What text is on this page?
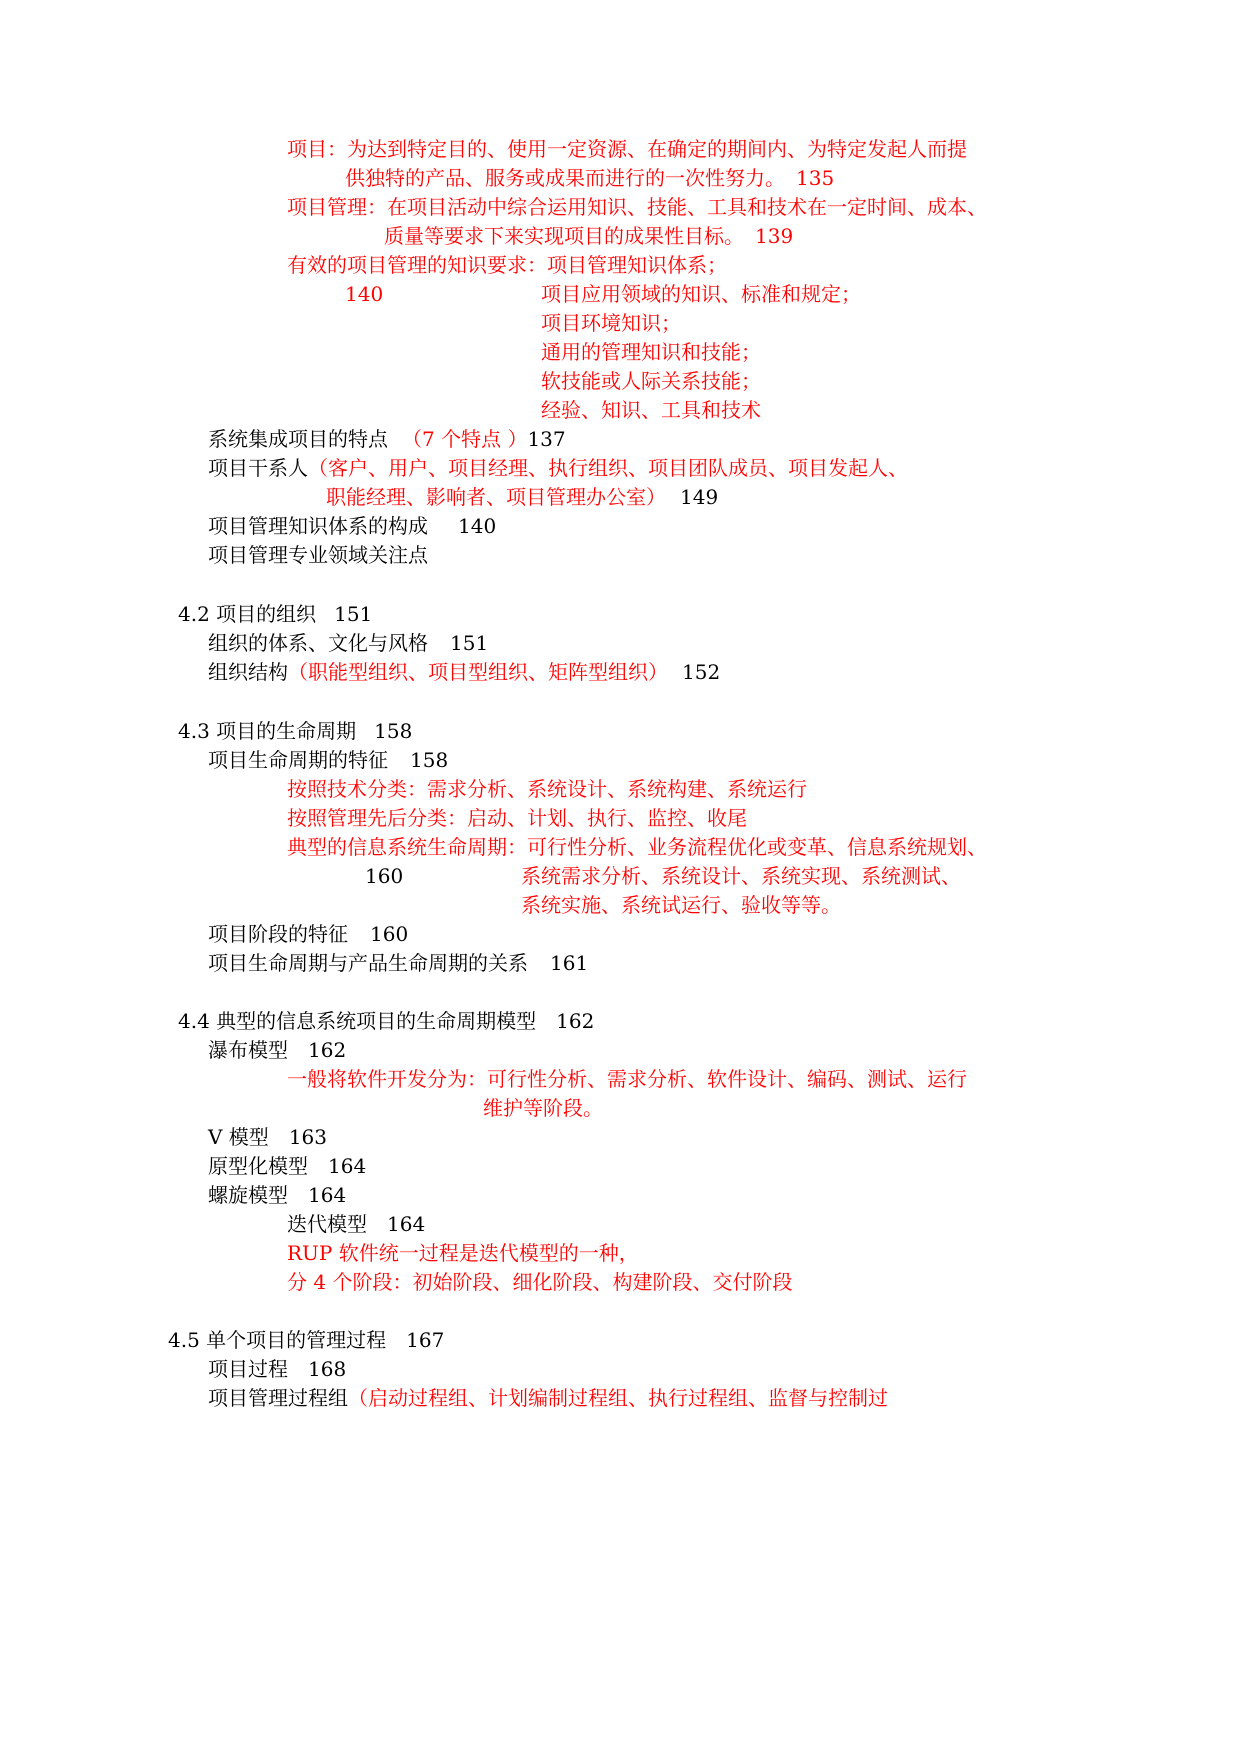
项目：为达到特定目的、使用一定资源、在确定的期间内、为特定发起人而提
供独特的产品、服务或成果而进行的一次性努力。 135
项目管理：在项目活动中综合运用知识、技能、工具和技术在一定时间、成本、
质量等要求下来实现项目的成果性目标。 139
有效的项目管理的知识要求：项目管理知识体系；
140	项目应用领域的知识、标准和规定；
项目环境知识；
通用的管理知识和技能；
软技能或人际关系技能；
经验、知识、工具和技术
系统集成项目的特点 （7 个特点 ）137
项目干系人（客户、用户、项目经理、执行组织、项目团队成员、项目发起人、
职能经理、影响者、项目管理办公室） 149
项目管理知识体系的构成 140
项目管理专业领域关注点
4.2 项目的组织 151
组织的体系、文化与风格 151
组织结构（职能型组织、项目型组织、矩阵型组织） 152
4.3 项目的生命周期 158
项目生命周期的特征 158
按照技术分类：需求分析、系统设计、系统构建、系统运行
按照管理先后分类：启动、计划、执行、监控、收尾
典型的信息系统生命周期：可行性分析、业务流程优化或变革、信息系统规划、
160	系统需求分析、系统设计、系统实现、系统测试、
系统实施、系统试运行、验收等等。
项目阶段的特征 160
项目生命周期与产品生命周期的关系 161
4.4 典型的信息系统项目的生命周期模型 162
瀑布模型 162
一般将软件开发分为：可行性分析、需求分析、软件设计、编码、测试、运行
维护等阶段。
V 模型 163
原型化模型 164
螺旋模型 164
迭代模型 164
RUP 软件统一过程是迭代模型的一种，
分 4 个阶段：初始阶段、细化阶段、构建阶段、交付阶段
4.5 单个项目的管理过程 167
项目过程 168
项目管理过程组（启动过程组、计划编制过程组、执行过程组、监督与控制过
